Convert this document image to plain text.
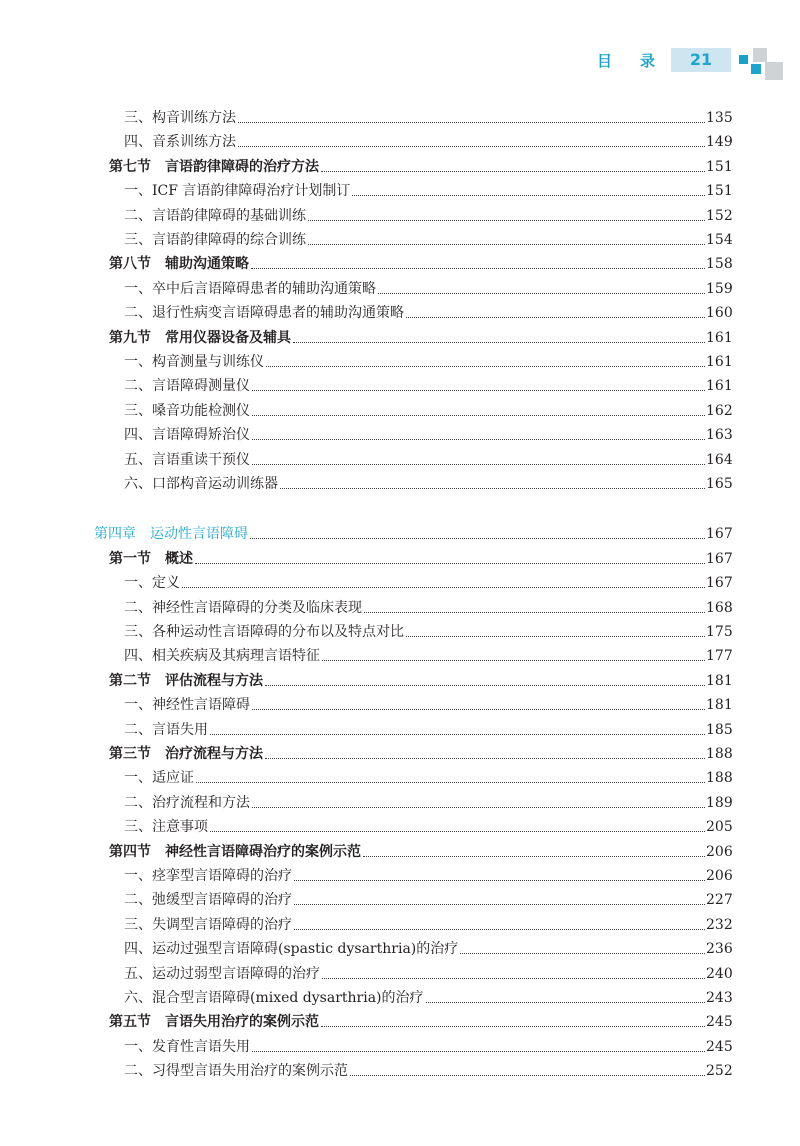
目 录	21
三、构音训练方法	135
四、音系训练方法	149
第七节　言语韵律障碍的治疗方法	151
一、ICF 言语韵律障碍治疗计划制订	151
二、言语韵律障碍的基础训练	152
三、言语韵律障碍的综合训练	154
第八节　辅助沟通策略	158
一、卒中后言语障碍患者的辅助沟通策略	159
二、退行性病变言语障碍患者的辅助沟通策略	160
第九节　常用仪器设备及辅具	161
一、构音测量与训练仪	161
二、言语障碍测量仪	161
三、嗓音功能检测仪	162
四、言语障碍矫治仪	163
五、言语重读干预仪	164
六、口部构音运动训练器	165
第四章　运动性言语障碍	167
第一节　概述	167
一、定义	167
二、神经性言语障碍的分类及临床表现	168
三、各种运动性言语障碍的分布以及特点对比	175
四、相关疾病及其病理言语特征	177
第二节　评估流程与方法	181
一、神经性言语障碍	181
二、言语失用	185
第三节　治疗流程与方法	188
一、适应证	188
二、治疗流程和方法	189
三、注意事项	205
第四节　神经性言语障碍治疗的案例示范	206
一、痉挛型言语障碍的治疗	206
二、弛缓型言语障碍的治疗	227
三、失调型言语障碍的治疗	232
四、运动过强型言语障碍(spastic dysarthria)的治疗	236
五、运动过弱型言语障碍的治疗	240
六、混合型言语障碍(mixed dysarthria)的治疗	243
第五节　言语失用治疗的案例示范	245
一、发育性言语失用	245
二、习得型言语失用治疗的案例示范	252
